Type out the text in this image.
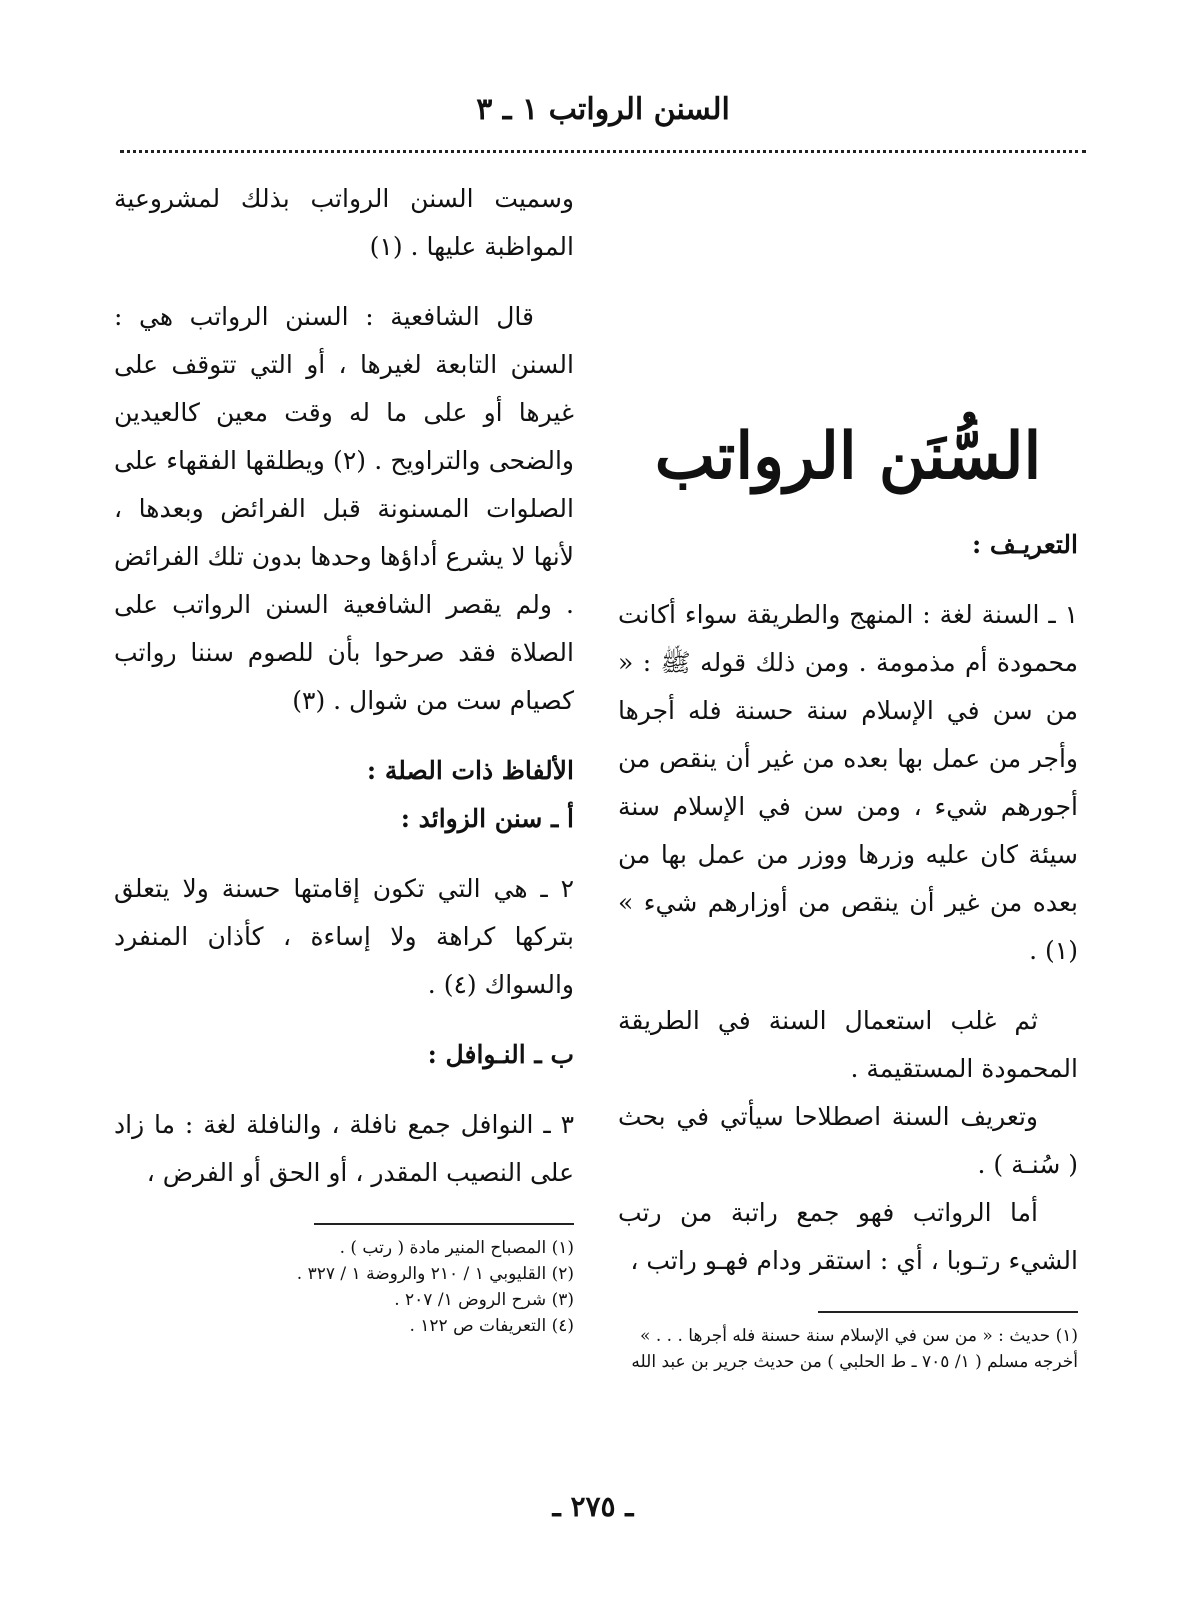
السنن الرواتب ١ ـ ٣
السُّنَن الرواتب

التعريـف :

١ ـ السنة لغة : المنهج والطريقة سواء أكانت محمودة أم مذمومة . ومن ذلك قوله ﷺ : « من سن في الإسلام سنة حسنة فله أجرها وأجر من عمل بها بعده من غير أن ينقص من أجورهم شيء ، ومن سن في الإسلام سنة سيئة كان عليه وزرها ووزر من عمل بها من بعده من غير أن ينقص من أوزارهم شيء » (١) .

ثم غلب استعمال السنة في الطريقة المحمودة المستقيمة .

وتعريف السنة اصطلاحا سيأتي في بحث ( سُنـة ) .

أما الرواتب فهو جمع راتبة من رتب الشيء رتـوبا ، أي : استقر ودام فهـو راتب ،

(١) حديث : « من سن في الإسلام سنة حسنة فله أجرها . . . » أخرجه مسلم ( ١/ ٧٠٥ ـ ط الحلبي ) من حديث جرير بن عبد الله

وسميت السنن الرواتب بذلك لمشروعية المواظبة عليها . (١)

قال الشافعية : السنن الرواتب هي : السنن التابعة لغيرها ، أو التي تتوقف على غيرها أو على ما له وقت معين كالعيدين والضحى والتراويح . (٢) ويطلقها الفقهاء على الصلوات المسنونة قبل الفرائض وبعدها ، لأنها لا يشرع أداؤها وحدها بدون تلك الفرائض . ولم يقصر الشافعية السنن الرواتب على الصلاة فقد صرحوا بأن للصوم سننا رواتب كصيام ست من شوال . (٣)

الألفاظ ذات الصلة :

أ ـ سنن الزوائد :

٢ ـ هي التي تكون إقامتها حسنة ولا يتعلق بتركها كراهة ولا إساءة ، كأذان المنفرد والسواك (٤) .

ب ـ النـوافل :

٣ ـ النوافل جمع نافلة ، والنافلة لغة : ما زاد على النصيب المقدر ، أو الحق أو الفرض ،

(١) المصباح المنير مادة ( رتب ) .

(٢) القليوبي ١ / ٢١٠ والروضة ١ / ٣٢٧ .

(٣) شرح الروض ١/ ٢٠٧ .

(٤) التعريفات ص ١٢٢ .

ـ ٢٧٥ ـ
